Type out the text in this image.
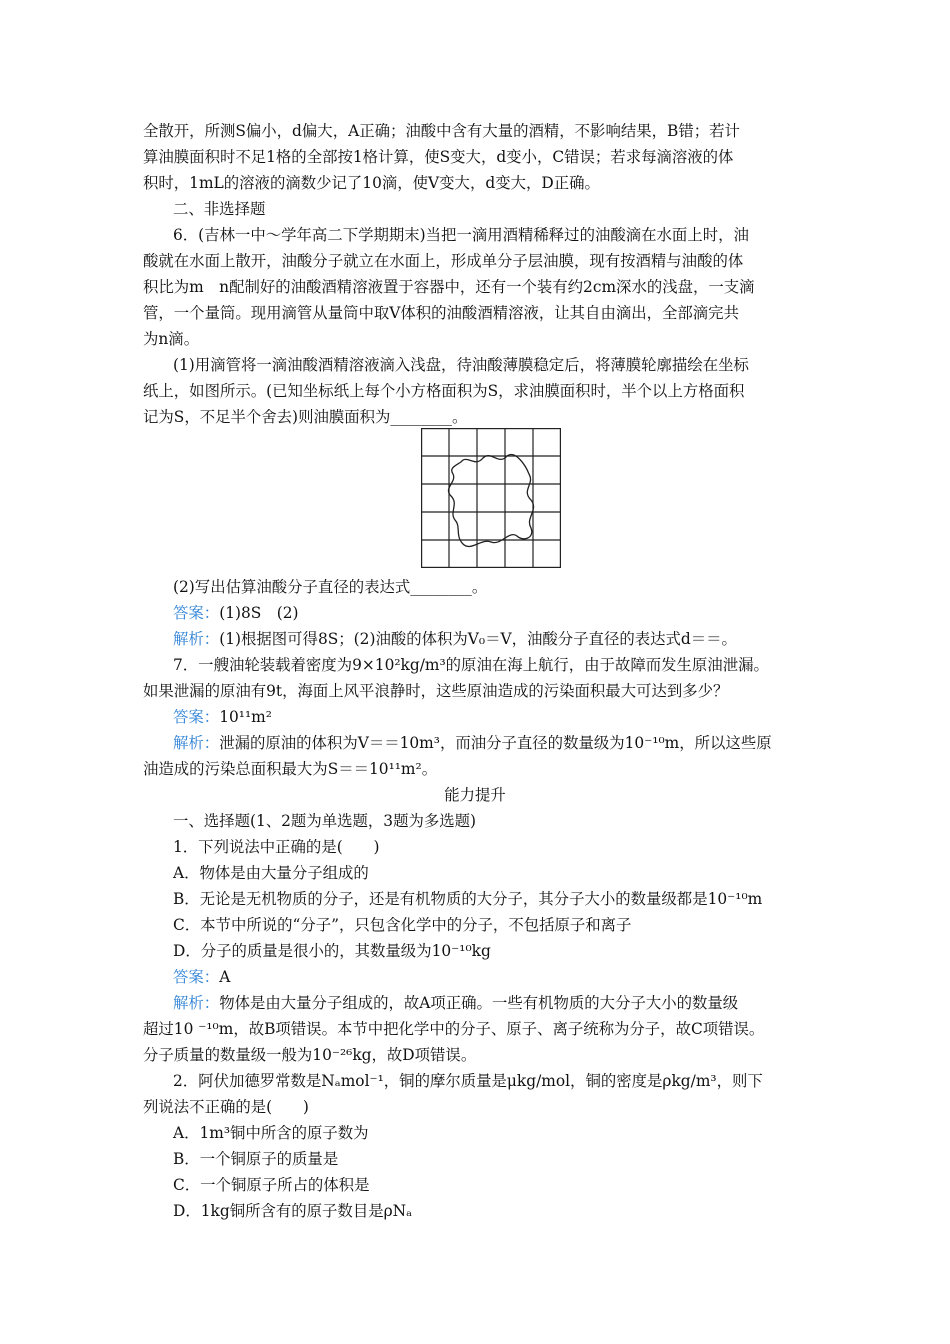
全散开，所测S偏小，d偏大，A正确；油酸中含有大量的酒精，不影响结果，B错；若计
算油膜面积时不足1格的全部按1格计算，使S变大，d变小，C错误；若求每滴溶液的体
积时，1mL的溶液的滴数少记了10滴，使V变大，d变大，D正确。
二、非选择题
6．(吉林一中～学年高二下学期期末)当把一滴用酒精稀释过的油酸滴在水面上时，油
酸就在水面上散开，油酸分子就立在水面上，形成单分子层油膜，现有按酒精与油酸的体
积比为m　n配制好的油酸酒精溶液置于容器中，还有一个装有约2cm深水的浅盘，一支滴
管，一个量筒。现用滴管从量筒中取V体积的油酸酒精溶液，让其自由滴出，全部滴完共
为n滴。
(1)用滴管将一滴油酸酒精溶液滴入浅盘，待油酸薄膜稳定后，将薄膜轮廓描绘在坐标
纸上，如图所示。(已知坐标纸上每个小方格面积为S，求油膜面积时，半个以上方格面积
记为S，不足半个舍去)则油膜面积为________。
(2)写出估算油酸分子直径的表达式________。
答案：(1)8S　(2)
解析：(1)根据图可得8S；(2)油酸的体积为V₀＝V，油酸分子直径的表达式d＝＝。
7．一艘油轮装载着密度为9×10²kg/m³的原油在海上航行，由于故障而发生原油泄漏。
如果泄漏的原油有9t，海面上风平浪静时，这些原油造成的污染面积最大可达到多少？
答案：10¹¹m²
解析：泄漏的原油的体积为V＝＝10m³，而油分子直径的数量级为10⁻¹⁰m，所以这些原
油造成的污染总面积最大为S＝＝10¹¹m²。
能力提升
一、选择题(1、2题为单选题，3题为多选题)
1．下列说法中正确的是(　　)
A．物体是由大量分子组成的
B．无论是无机物质的分子，还是有机物质的大分子，其分子大小的数量级都是10⁻¹⁰m
C．本节中所说的“分子”，只包含化学中的分子，不包括原子和离子
D．分子的质量是很小的，其数量级为10⁻¹⁰kg
答案：A
解析：物体是由大量分子组成的，故A项正确。一些有机物质的大分子大小的数量级
超过10 ⁻¹⁰m，故B项错误。本节中把化学中的分子、原子、离子统称为分子，故C项错误。
分子质量的数量级一般为10⁻²⁶kg，故D项错误。
2．阿伏加德罗常数是Nₐmol⁻¹，铜的摩尔质量是μkg/mol，铜的密度是ρkg/m³，则下
列说法不正确的是(　　)
A．1m³铜中所含的原子数为
B．一个铜原子的质量是
C．一个铜原子所占的体积是
D．1kg铜所含有的原子数目是ρNₐ
